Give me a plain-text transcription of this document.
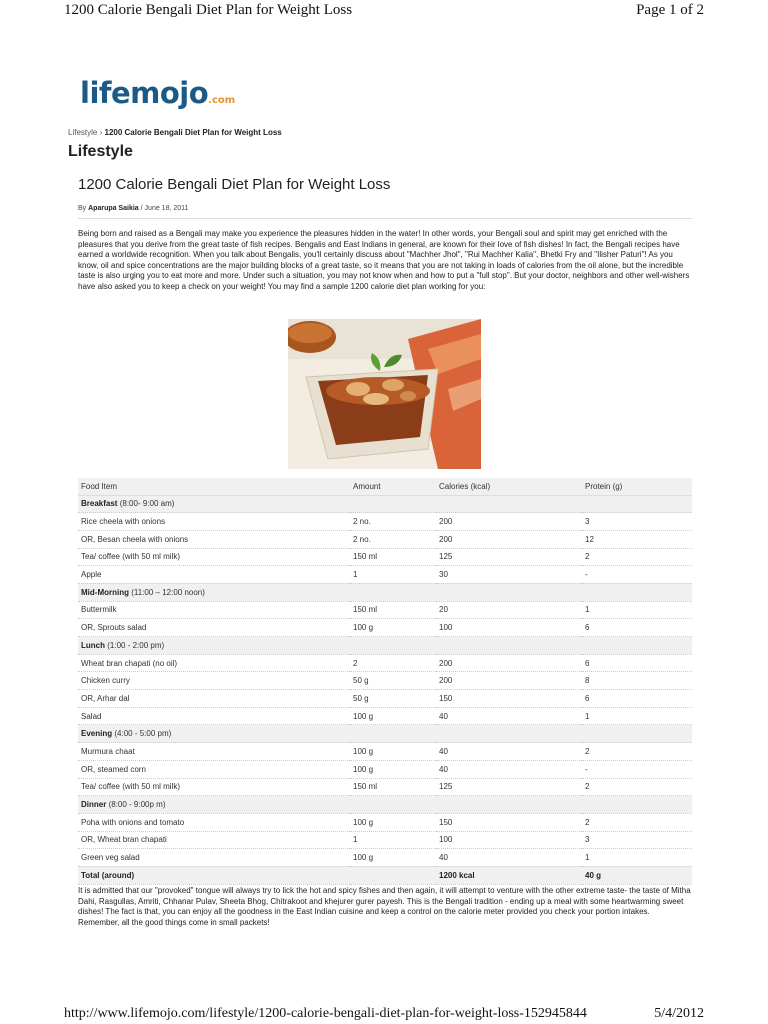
1200 Calorie Bengali Diet Plan for Weight Loss	Page 1 of 2
lifemojo.com
Lifestyle › 1200 Calorie Bengali Diet Plan for Weight Loss
Lifestyle
1200 Calorie Bengali Diet Plan for Weight Loss
By Aparupa Saikia / June 18, 2011

Being born and raised as a Bengali may make you experience the pleasures hidden in the water! In other words, your Bengali soul and spirit may get enriched with the pleasures that you derive from the great taste of fish recipes. Bengalis and East Indians in general, are known for their love of fish dishes! In fact, the Bengali recipes have earned a worldwide recognition. When you talk about Bengalis, you'll certainly discuss about "Machher Jhol", "Rui Machher Kalia", Bhetki Fry and "Ilisher Paturi"! As you know, oil and spice concentrations are the major building blocks of a great taste, so it means that you are not taking in loads of calories from the oil alone, but the incredible taste is also urging you to eat more and more. Under such a situation, you may not know when and how to put a "full stop". But your doctor, neighbors and other well-wishers have also asked you to keep a check on your weight! You may find a sample 1200 calorie diet plan working for you:

Food Item	Amount	Calories (kcal)	Protein (g)
Breakfast (8:00- 9:00 am)			
Rice cheela with onions	2 no.	200	3
OR, Besan cheela with onions	2 no.	200	12
Tea/ coffee (with 50 ml milk)	150 ml	125	2
Apple	1	30	-
Mid-Morning (11:00 – 12:00 noon)			
Buttermilk	150 ml	20	1
OR, Sprouts salad	100 g	100	6
Lunch (1:00 - 2:00 pm)			
Wheat bran chapati (no oil)	2	200	6
Chicken curry	50 g	200	8
OR, Arhar dal	50 g	150	6
Salad	100 g	40	1
Evening (4:00 - 5:00 pm)			
Murmura chaat	100 g	40	2
OR, steamed corn	100 g	40	-
Tea/ coffee (with 50 ml milk)	150 ml	125	2
Dinner (8:00 - 9:00p m)			
Poha with onions and tomato	100 g	150	2
OR, Wheat bran chapati	1	100	3
Green veg salad	100 g	40	1
Total (around)		1200 kcal	40 g

It is admitted that our "provoked" tongue will always try to lick the hot and spicy fishes and then again, it will attempt to venture with the other extreme taste- the taste of Mitha Dahi, Rasgullas, Amriti, Chhanar Pulav, Sheeta Bhog, Chitrakoot and khejurer gurer payesh. This is the Bengali tradition - ending up a meal with some heartwarming sweet dishes! The fact is that, you can enjoy all the goodness in the East Indian cuisine and keep a control on the calorie meter provided you check your portion intakes. Remember, all the good things come in small packets!

http://www.lifemojo.com/lifestyle/1200-calorie-bengali-diet-plan-for-weight-loss-152945844	5/4/2012
